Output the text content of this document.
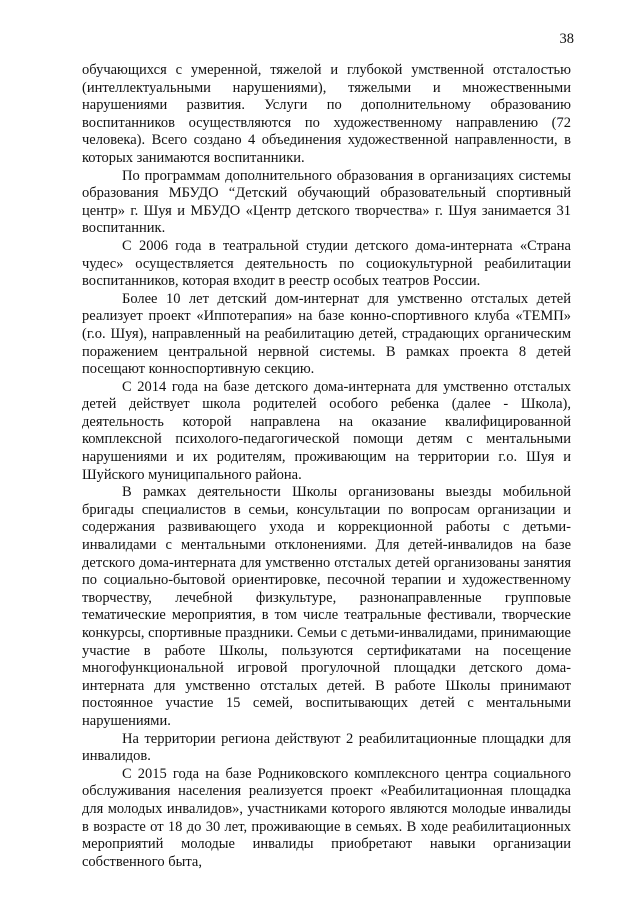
38

обучающихся с умеренной, тяжелой и глубокой умственной отсталостью (интеллектуальными нарушениями), тяжелыми и множественными нарушениями развития. Услуги по дополнительному образованию воспитанников осуществляются по художественному направлению (72 человека). Всего создано 4 объединения художественной направленности, в которых занимаются воспитанники.

По программам дополнительного образования в организациях системы образования МБУДО “Детский обучающий образовательный спортивный центр» г. Шуя и МБУДО «Центр детского творчества» г. Шуя занимается 31 воспитанник.

С 2006 года в театральной студии детского дома-интерната «Страна чудес» осуществляется деятельность по социокультурной реабилитации воспитанников, которая входит в реестр особых театров России.

Более 10 лет детский дом-интернат для умственно отсталых детей реализует проект «Иппотерапия» на базе конно-спортивного клуба «ТЕМП» (г.о. Шуя), направленный на реабилитацию детей, страдающих органическим поражением центральной нервной системы. В рамках проекта 8 детей посещают конноспортивную секцию.

С 2014 года на базе детского дома-интерната для умственно отсталых детей действует школа родителей особого ребенка (далее - Школа), деятельность которой направлена на оказание квалифицированной комплексной психолого-педагогической помощи детям с ментальными нарушениями и их родителям, проживающим на территории г.о. Шуя и Шуйского муниципального района.

В рамках деятельности Школы организованы выезды мобильной бригады специалистов в семьи, консультации по вопросам организации и содержания развивающего ухода и коррекционной работы с детьми-инвалидами с ментальными отклонениями. Для детей-инвалидов на базе детского дома-интерната для умственно отсталых детей организованы занятия по социально-бытовой ориентировке, песочной терапии и художественному творчеству, лечебной физкультуре, разнонаправленные групповые тематические мероприятия, в том числе театральные фестивали, творческие конкурсы, спортивные праздники. Семьи с детьми-инвалидами, принимающие участие в работе Школы, пользуются сертификатами на посещение многофункциональной игровой прогулочной площадки детского дома-интерната для умственно отсталых детей. В работе Школы принимают постоянное участие 15 семей, воспитывающих детей с ментальными нарушениями.

На территории региона действуют 2 реабилитационные площадки для инвалидов.

С 2015 года на базе Родниковского комплексного центра социального обслуживания населения реализуется проект «Реабилитационная площадка для молодых инвалидов», участниками которого являются молодые инвалиды в возрасте от 18 до 30 лет, проживающие в семьях. В ходе реабилитационных мероприятий молодые инвалиды приобретают навыки организации собственного быта,
